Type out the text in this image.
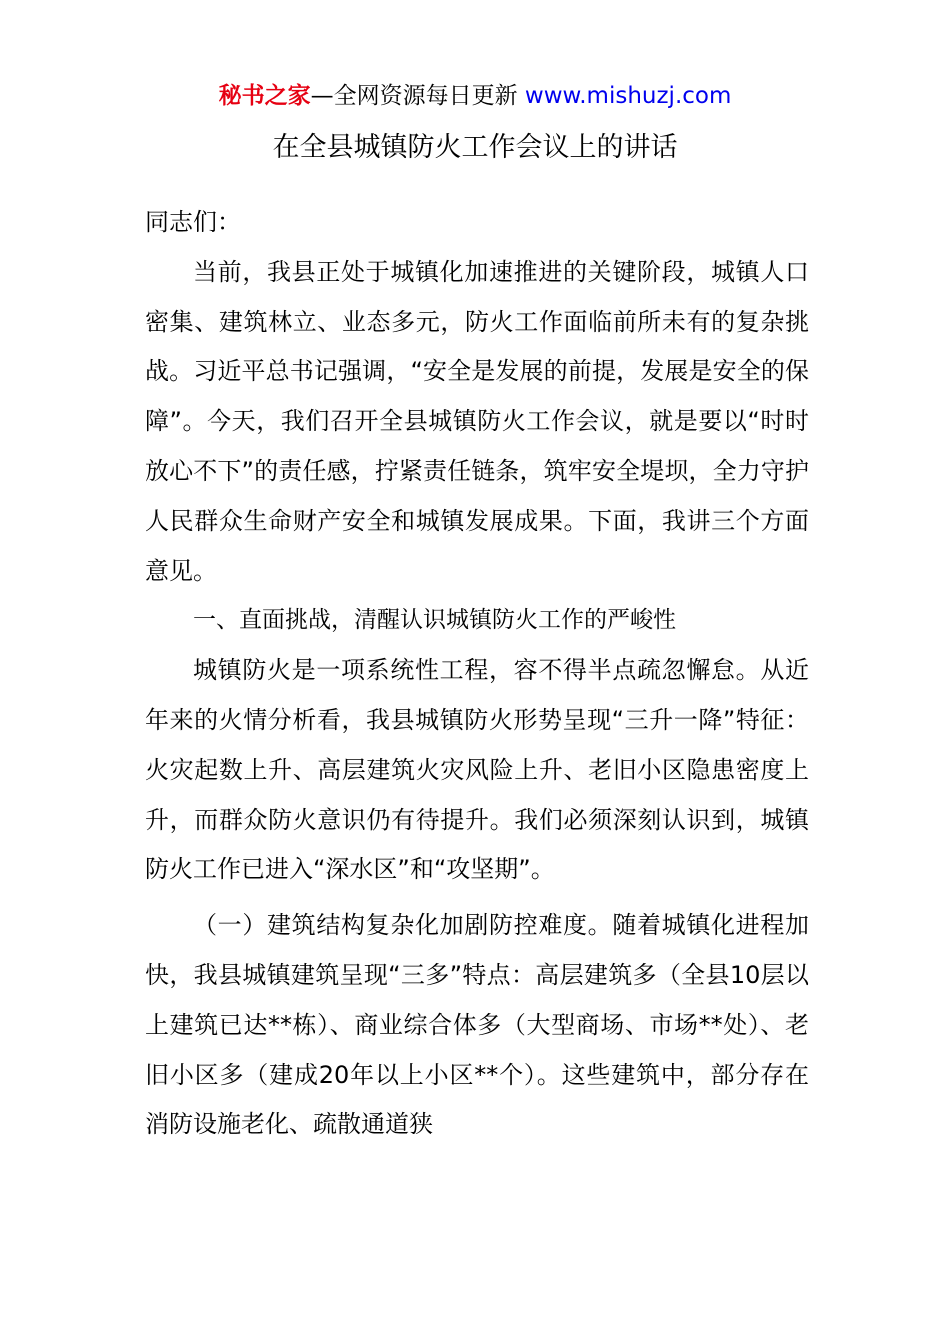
秘书之家—全网资源每日更新 www.mishuzj.com
在全县城镇防火工作会议上的讲话

同志们：

当前，我县正处于城镇化加速推进的关键阶段，城镇人口密集、建筑林立、业态多元，防火工作面临前所未有的复杂挑战。习近平总书记强调，“安全是发展的前提，发展是安全的保障”。今天，我们召开全县城镇防火工作会议，就是要以“时时放心不下”的责任感，拧紧责任链条，筑牢安全堤坝，全力守护人民群众生命财产安全和城镇发展成果。下面，我讲三个方面意见。

一、直面挑战，清醒认识城镇防火工作的严峻性

城镇防火是一项系统性工程，容不得半点疏忽懈怠。从近年来的火情分析看，我县城镇防火形势呈现“三升一降”特征：火灾起数上升、高层建筑火灾风险上升、老旧小区隐患密度上升，而群众防火意识仍有待提升。我们必须深刻认识到，城镇防火工作已进入“深水区”和“攻坚期”。

（一）建筑结构复杂化加剧防控难度。随着城镇化进程加快，我县城镇建筑呈现“三多”特点：高层建筑多（全县10层以上建筑已达**栋）、商业综合体多（大型商场、市场**处）、老旧小区多（建成20年以上小区**个）。这些建筑中，部分存在消防设施老化、疏散通道狭
